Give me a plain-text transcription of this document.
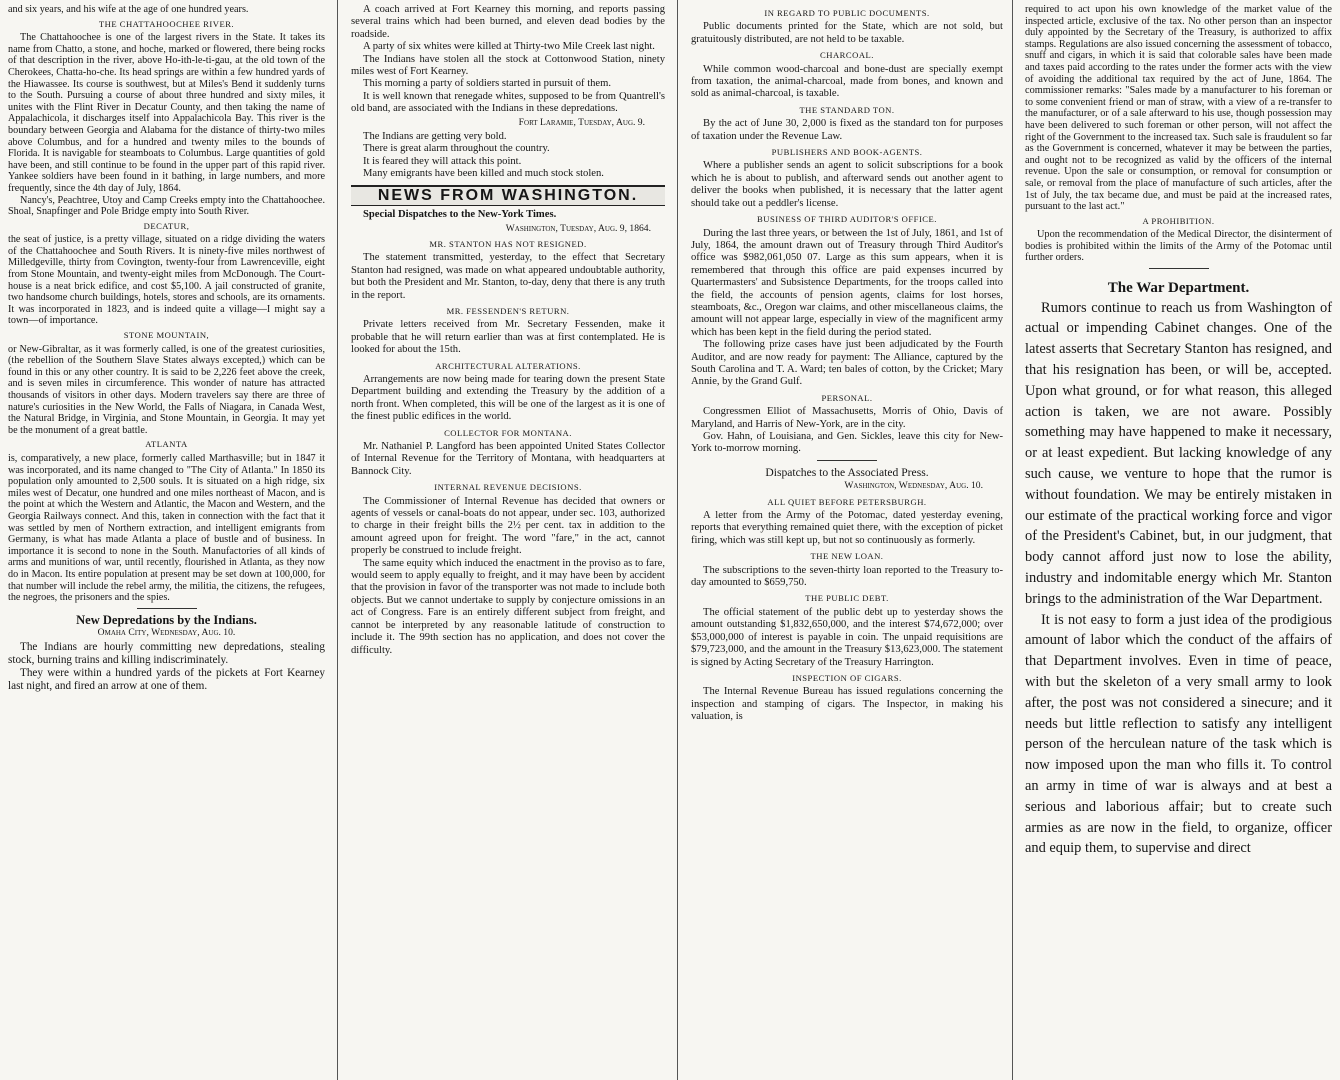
and six years, and his wife at the age of one hundred years.

THE CHATTAHOOCHEE RIVER.

The Chattahoochee is one of the largest rivers in the State. It takes its name from Chatto, a stone, and hoche, marked or flowered, there being rocks of that description in the river, above Ho-ith-le-ti-gau, at the old town of the Cherokees, Chatta-ho-che. Its head springs are within a few hundred yards of the Hiawassee. Its course is southwest, but at Miles's Bend it suddenly turns to the South. Pursuing a course of about three hundred and sixty miles, it unites with the Flint River in Decatur County, and then taking the name of Appalachicola, it discharges itself into Appalachicola Bay. This river is the boundary between Georgia and Alabama for the distance of thirty-two miles above Columbus, and for a hundred and twenty miles to the bounds of Florida. It is navigable for steamboats to Columbus. Large quantities of gold have been, and still continue to be found in the upper part of this rapid river. Yankee soldiers have been found in it bathing, in large numbers, and more frequently, since the 4th day of July, 1864.

Nancy's, Peachtree, Utoy and Camp Creeks empty into the Chattahoochee. Shoal, Snapfinger and Pole Bridge empty into South River.

DECATUR,

the seat of justice, is a pretty village, situated on a ridge dividing the waters of the Chattahoochee and South Rivers. It is ninety-five miles northwest of Milledgeville, thirty from Covington, twenty-four from Lawrenceville, eight from Stone Mountain, and twenty-eight miles from McDonough. The Court-house is a neat brick edifice, and cost $5,100. A jail constructed of granite, two handsome church buildings, hotels, stores and schools, are its ornaments. It was incorporated in 1823, and is indeed quite a village—I might say a town—of importance.

STONE MOUNTAIN,

or New-Gibraltar, as it was formerly called, is one of the greatest curiosities, (the rebellion of the Southern Slave States always excepted,) which can be found in this or any other country. It is said to be 2,226 feet above the creek, and is seven miles in circumference. This wonder of nature has attracted thousands of visitors in other days. Modern travelers say there are three of nature's curiosities in the New World, the Falls of Niagara, in Canada West, the Natural Bridge, in Virginia, and Stone Mountain, in Georgia. It may yet be the monument of a great battle.

ATLANTA

is, comparatively, a new place, formerly called Marthasville; but in 1847 it was incorporated, and its name changed to "The City of Atlanta." In 1850 its population only amounted to 2,500 souls. It is situated on a high ridge, six miles west of Decatur, one hundred and one miles northeast of Macon, and is the point at which the Western and Atlantic, the Macon and Western, and the Georgia Railways connect. And this, taken in connection with the fact that it was settled by men of Northern extraction, and intelligent emigrants from Germany, is what has made Atlanta a place of bustle and of business. In importance it is second to none in the South. Manufactories of all kinds of arms and munitions of war, until recently, flourished in Atlanta, as they now do in Macon. Its entire population at present may be set down at 100,000, for that number will include the rebel army, the militia, the citizens, the refugees, the negroes, the prisoners and the spies.

New Depredations by the Indians.
Omaha City, Wednesday, Aug. 10.

The Indians are hourly committing new depredations, stealing stock, burning trains and killing indiscriminately.

They were within a hundred yards of the pickets at Fort Kearney last night, and fired an arrow at one of them.

A coach arrived at Fort Kearney this morning, and reports passing several trains which had been burned, and eleven dead bodies by the roadside.

A party of six whites were killed at Thirty-two Mile Creek last night.

The Indians have stolen all the stock at Cottonwood Station, ninety miles west of Fort Kearney.

This morning a party of soldiers started in pursuit of them.

It is well known that renegade whites, supposed to be from Quantrell's old band, are associated with the Indians in these depredations.

Fort Laramie, Tuesday, Aug. 9.

The Indians are getting very bold.

There is great alarm throughout the country.

It is feared they will attack this point.

Many emigrants have been killed and much stock stolen.

NEWS FROM WASHINGTON.

Special Dispatches to the New-York Times.

Washington, Tuesday, Aug. 9, 1864.
MR. STANTON HAS NOT RESIGNED.

The statement transmitted, yesterday, to the effect that Secretary Stanton had resigned, was made on what appeared undoubtable authority, but both the President and Mr. Stanton, to-day, deny that there is any truth in the report.

MR. FESSENDEN'S RETURN.

Private letters received from Mr. Secretary Fessenden, make it probable that he will return earlier than was at first contemplated. He is looked for about the 15th.

ARCHITECTURAL ALTERATIONS.

Arrangements are now being made for tearing down the present State Department building and extending the Treasury by the addition of a north front. When completed, this will be one of the largest as it is one of the finest public edifices in the world.

COLLECTOR FOR MONTANA.

Mr. Nathaniel P. Langford has been appointed United States Collector of Internal Revenue for the Territory of Montana, with headquarters at Bannock City.

INTERNAL REVENUE DECISIONS.

The Commissioner of Internal Revenue has decided that owners or agents of vessels or canal-boats do not appear, under sec. 103, authorized to charge in their freight bills the 2½ per cent. tax in addition to the amount agreed upon for freight. The word "fare," in the act, cannot properly be construed to include freight.

The same equity which induced the enactment in the proviso as to fare, would seem to apply equally to freight, and it may have been by accident that the provision in favor of the transporter was not made to include both objects. But we cannot undertake to supply by conjecture omissions in an act of Congress. Fare is an entirely different subject from freight, and cannot be interpreted by any reasonable latitude of construction to include it. The 99th section has no application, and does not cover the difficulty.

IN REGARD TO PUBLIC DOCUMENTS.

Public documents printed for the State, which are not sold, but gratuitously distributed, are not held to be taxable.

CHARCOAL.

While common wood-charcoal and bone-dust are specially exempt from taxation, the animal-charcoal, made from bones, and known and sold as animal-charcoal, is taxable.

THE STANDARD TON.

By the act of June 30, 2,000 is fixed as the standard ton for purposes of taxation under the Revenue Law.

PUBLISHERS AND BOOK-AGENTS.

Where a publisher sends an agent to solicit subscriptions for a book which he is about to publish, and afterward sends out another agent to deliver the books when published, it is necessary that the latter agent should take out a peddler's license.

BUSINESS OF THIRD AUDITOR'S OFFICE.

During the last three years, or between the 1st of July, 1861, and 1st of July, 1864, the amount drawn out of Treasury through Third Auditor's office was $982,061,050 07. Large as this sum appears, when it is remembered that through this office are paid expenses incurred by Quartermasters' and Subsistence Departments, for the troops called into the field, the accounts of pension agents, claims for lost horses, steamboats, &c., Oregon war claims, and other miscellaneous claims, the amount will not appear large, especially in view of the magnificent army which has been kept in the field during the period stated.

The following prize cases have just been adjudicated by the Fourth Auditor, and are now ready for payment: The Alliance, captured by the South Carolina and T. A. Ward; ten bales of cotton, by the Cricket; Mary Annie, by the Grand Gulf.

PERSONAL.

Congressmen Elliot of Massachusetts, Morris of Ohio, Davis of Maryland, and Harris of New-York, are in the city.

Gov. Hahn, of Louisiana, and Gen. Sickles, leave this city for New-York to-morrow morning.

Dispatches to the Associated Press.
Washington, Wednesday, Aug. 10.
ALL QUIET BEFORE PETERSBURGH.

A letter from the Army of the Potomac, dated yesterday evening, reports that everything remained quiet there, with the exception of picket firing, which was still kept up, but not so continuously as formerly.

THE NEW LOAN.

The subscriptions to the seven-thirty loan reported to the Treasury to-day amounted to $659,750.

THE PUBLIC DEBT.

The official statement of the public debt up to yesterday shows the amount outstanding $1,832,650,000, and the interest $74,672,000; over $53,000,000 of interest is payable in coin. The unpaid requisitions are $79,723,000, and the amount in the Treasury $13,623,000. The statement is signed by Acting Secretary of the Treasury Harrington.

INSPECTION OF CIGARS.

The Internal Revenue Bureau has issued regulations concerning the inspection and stamping of cigars. The Inspector, in making his valuation, is

required to act upon his own knowledge of the market value of the inspected article, exclusive of the tax. No other person than an inspector duly appointed by the Secretary of the Treasury, is authorized to affix stamps. Regulations are also issued concerning the assessment of tobacco, snuff and cigars, in which it is said that colorable sales have been made and taxes paid according to the rates under the former acts with the view of avoiding the additional tax required by the act of June, 1864. The commissioner remarks: "Sales made by a manufacturer to his foreman or to some convenient friend or man of straw, with a view of a re-transfer to the manufacturer, or of a sale afterward to his use, though possession may have been delivered to such foreman or other person, will not affect the right of the Government to the increased tax. Such sale is fraudulent so far as the Government is concerned, whatever it may be between the parties, and ought not to be recognized as valid by the officers of the internal revenue. Upon the sale or consumption, or removal for consumption or sale, or removal from the place of manufacture of such articles, after the 1st of July, the tax became due, and must be paid at the increased rates, pursuant to the last act."

A PROHIBITION.

Upon the recommendation of the Medical Director, the disinterment of bodies is prohibited within the limits of the Army of the Potomac until further orders.

The War Department.

Rumors continue to reach us from Washington of actual or impending Cabinet changes. One of the latest asserts that Secretary Stanton has resigned, and that his resignation has been, or will be, accepted. Upon what ground, or for what reason, this alleged action is taken, we are not aware. Possibly something may have happened to make it necessary, or at least expedient. But lacking knowledge of any such cause, we venture to hope that the rumor is without foundation. We may be entirely mistaken in our estimate of the practical working force and vigor of the President's Cabinet, but, in our judgment, that body cannot afford just now to lose the ability, industry and indomitable energy which Mr. Stanton brings to the administration of the War Department.

It is not easy to form a just idea of the prodigious amount of labor which the conduct of the affairs of that Department involves. Even in time of peace, with but the skeleton of a very small army to look after, the post was not considered a sinecure; and it needs but little reflection to satisfy any intelligent person of the herculean nature of the task which is now imposed upon the man who fills it. To control an army in time of war is always and at best a serious and laborious affair; but to create such armies as are now in the field, to organize, officer and equip them, to supervise and direct
